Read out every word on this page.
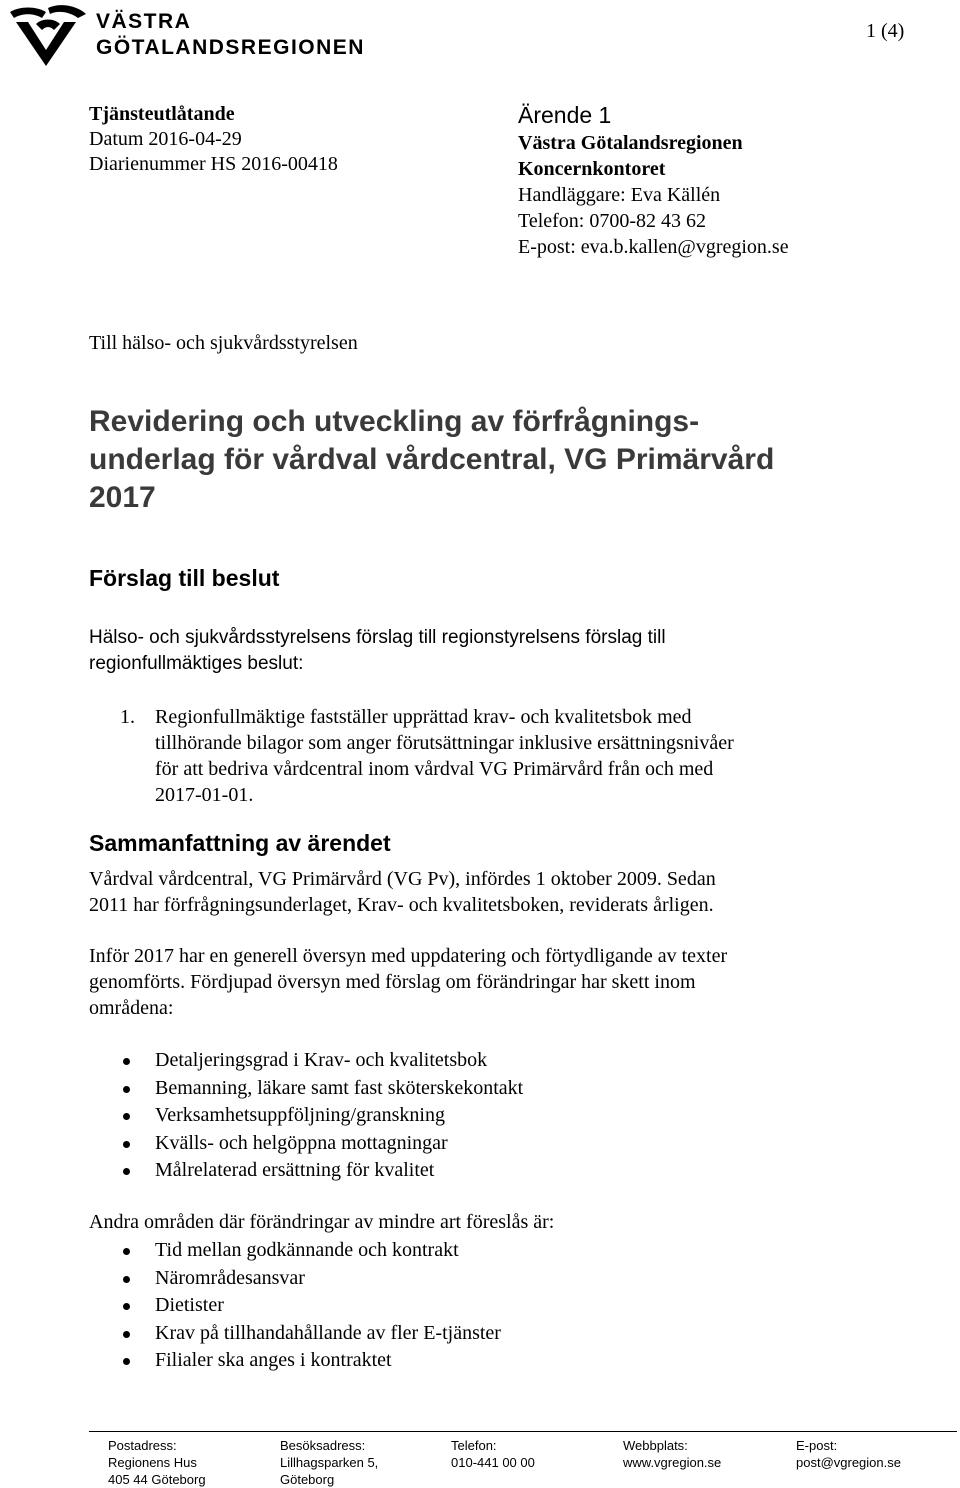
VÄSTRA
GÖTALANDSREGIONEN
1 (4)
Tjänsteutlåtande
Datum 2016-04-29
Diarienummer HS 2016-00418
Ärende 1
Västra Götalandsregionen
Koncernkontoret
Handläggare: Eva Källén
Telefon: 0700-82 43 62
E-post: eva.b.kallen@vgregion.se
Till hälso- och sjukvårdsstyrelsen
Revidering och utveckling av förfrågnings-
underlag för vårdval vårdcentral, VG Primärvård
2017
Förslag till beslut
Hälso- och sjukvårdsstyrelsens förslag till regionstyrelsens förslag till
regionfullmäktiges beslut:
1. Regionfullmäktige fastställer upprättad krav- och kvalitetsbok med
tillhörande bilagor som anger förutsättningar inklusive ersättningsnivåer
för att bedriva vårdcentral inom vårdval VG Primärvård från och med
2017-01-01.
Sammanfattning av ärendet
Vårdval vårdcentral, VG Primärvård (VG Pv), infördes 1 oktober 2009. Sedan
2011 har förfrågningsunderlaget, Krav- och kvalitetsboken, reviderats årligen.
Inför 2017 har en generell översyn med uppdatering och förtydligande av texter
genomförts. Fördjupad översyn med förslag om förändringar har skett inom
områdena:
Detaljeringsgrad i Krav- och kvalitetsbok
Bemanning, läkare samt fast sköterskekontakt
Verksamhetsuppföljning/granskning
Kvälls- och helgöppna mottagningar
Målrelaterad ersättning för kvalitet
Andra områden där förändringar av mindre art föreslås är:
Tid mellan godkännande och kontrakt
Närområdesansvar
Dietister
Krav på tillhandahållande av fler E-tjänster
Filialer ska anges i kontraktet
Postadress:
Regionens Hus
405 44 Göteborg
Besöksadress:
Lillhagsparken 5,
Göteborg
Telefon:
010-441 00 00
Webbplats:
www.vgregion.se
E-post:
post@vgregion.se
